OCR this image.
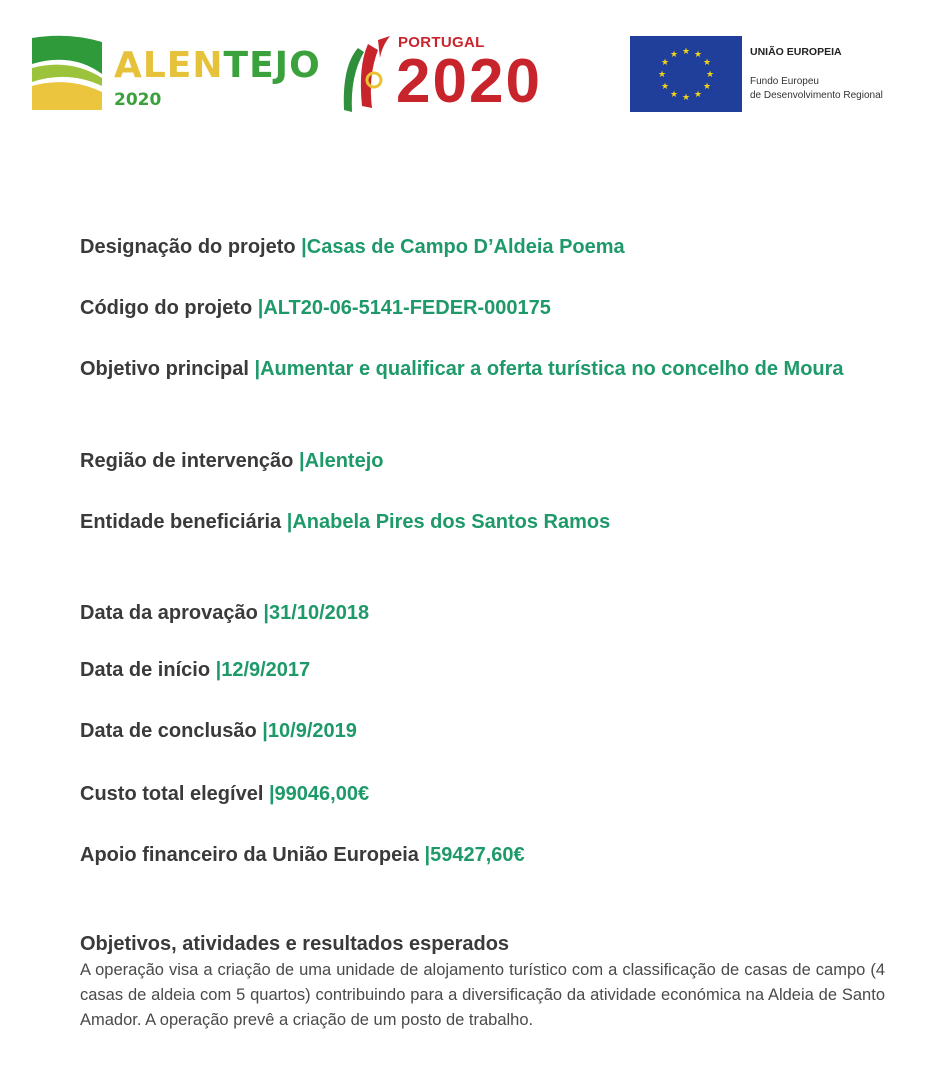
ALENTEJO
2020
PORTUGAL
2020	★ ★
★
★
★
★
★
★
★
★
★
★	UNIÃO EUROPEIA
Fundo Europeu
de Desenvolvimento Regional
Designação do projeto |Casas de Campo D’Aldeia Poema
Código do projeto |ALT20-06-5141-FEDER-000175
Objetivo principal |Aumentar e qualificar a oferta turística no concelho de Moura
Região de intervenção |Alentejo
Entidade beneficiária |Anabela Pires dos Santos Ramos
Data da aprovação |31/10/2018
Data de início |12/9/2017
Data de conclusão |10/9/2019
Custo total elegível |99046,00€
Apoio financeiro da União Europeia |59427,60€
Objetivos, atividades e resultados esperados
A operação visa a criação de uma unidade de alojamento turístico com a classificação de casas de campo (4 casas de aldeia com 5 quartos) contribuindo para a diversificação da atividade económica na Aldeia de Santo Amador. A operação prevê a criação de um posto de trabalho.
